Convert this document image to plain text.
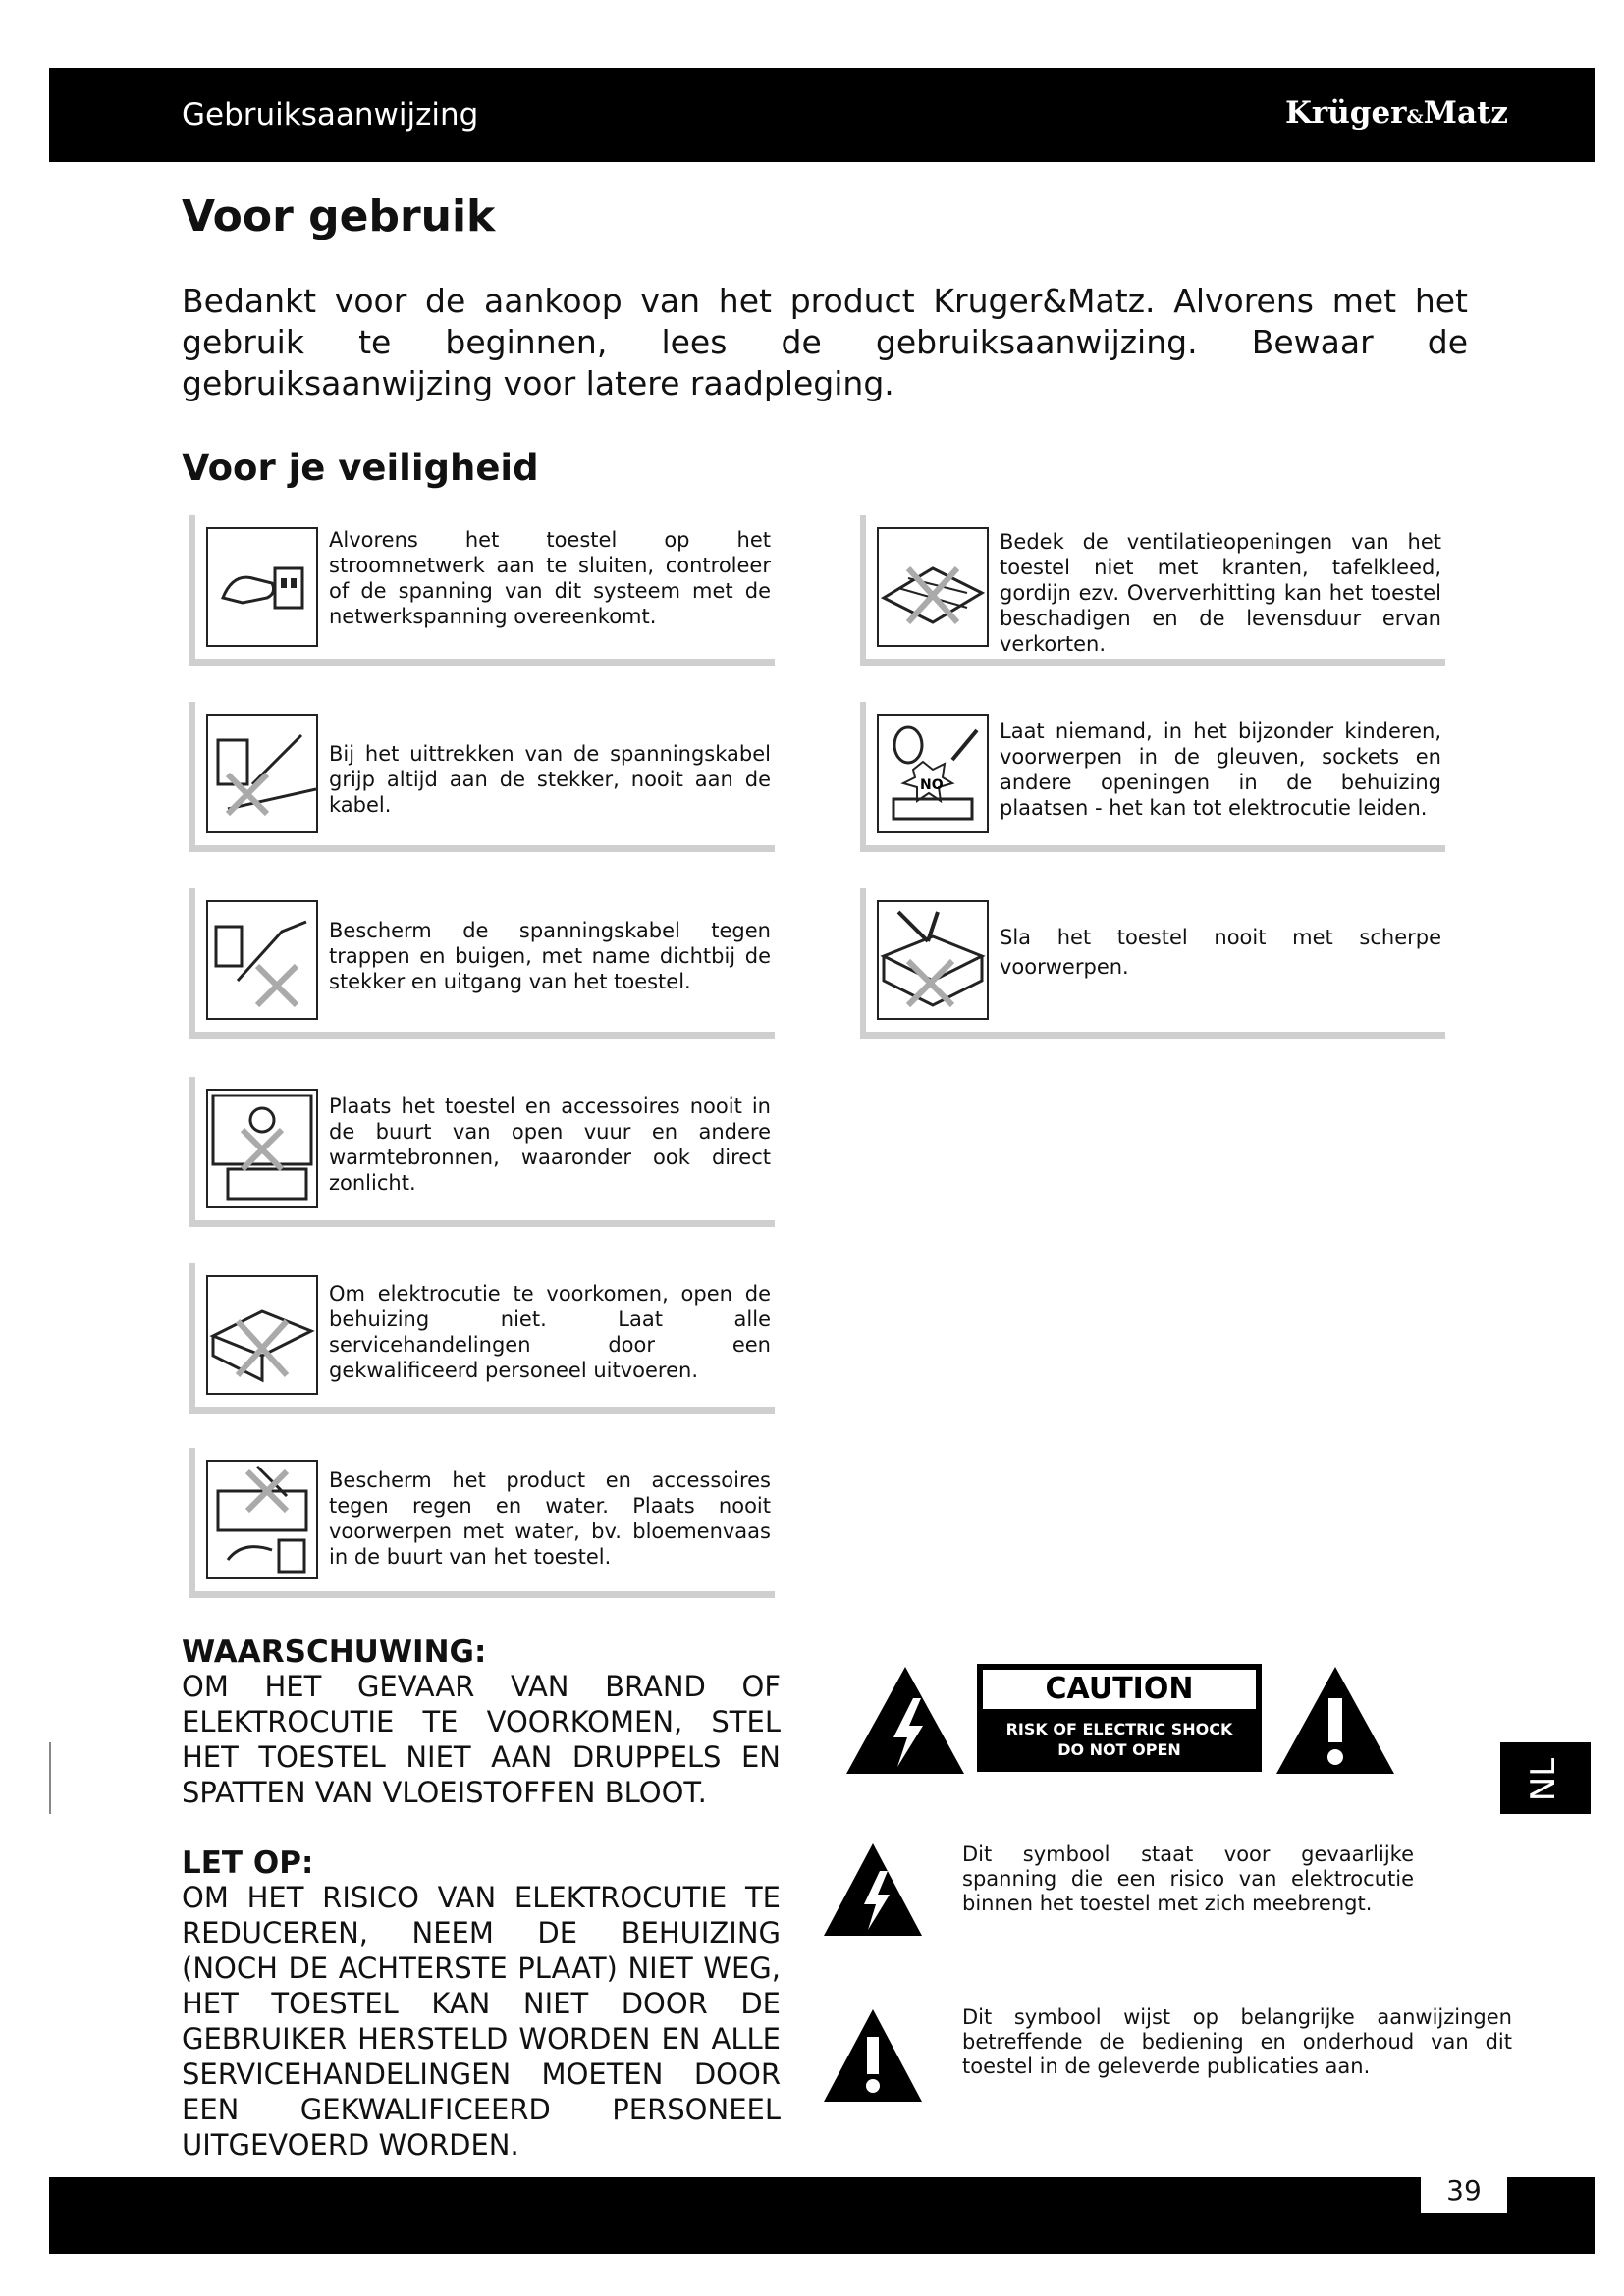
Gebruiksaanwijzing	Krüger&Matz
Voor gebruik
Bedankt voor de aankoop van het product Kruger&Matz. Alvorens met het gebruik te beginnen, lees de gebruiksaanwijzing. Bewaar de gebruiksaanwijzing voor latere raadpleging.
Voor je veiligheid
Alvorens het toestel op het stroomnetwerk aan te sluiten, controleer of de spanning van dit systeem met de netwerkspanning overeenkomt.
Bij het uittrekken van de spanningskabel grijp altijd aan de stekker, nooit aan de kabel.
Bescherm de spanningskabel tegen trappen en buigen, met name dichtbij de stekker en uitgang van het toestel.
Plaats het toestel en accessoires nooit in de buurt van open vuur en andere warmtebronnen, waaronder ook direct zonlicht.
Om elektrocutie te voorkomen, open de behuizing niet. Laat alle servicehandelingen door een gekwalificeerd personeel uitvoeren.
Bescherm het product en accessoires tegen regen en water. Plaats nooit voorwerpen met water, bv. bloemenvaas in de buurt van het toestel.
Bedek de ventilatieopeningen van het toestel niet met kranten, tafelkleed, gordijn ezv. Oververhitting kan het toestel beschadigen en de levensduur ervan verkorten.
NO
Laat niemand, in het bijzonder kinderen, voorwerpen in de gleuven, sockets en andere openingen in de behuizing plaatsen - het kan tot elektrocutie leiden.
Sla het toestel nooit met scherpe voorwerpen.
WAARSCHUWING:
OM HET GEVAAR VAN BRAND OF ELEKTROCUTIE TE VOORKOMEN, STEL HET TOESTEL NIET AAN DRUPPELS EN SPATTEN VAN VLOEISTOFFEN BLOOT.
LET OP:
OM HET RISICO VAN ELEKTROCUTIE TE REDUCEREN, NEEM DE BEHUIZING (NOCH DE ACHTERSTE PLAAT) NIET WEG, HET TOESTEL KAN NIET DOOR DE GEBRUIKER HERSTELD WORDEN EN ALLE SERVICEHANDELINGEN MOETEN DOOR EEN GEKWALIFICEERD PERSONEEL UITGEVOERD WORDEN.
CAUTION
RISK OF ELECTRIC SHOCK
DO NOT OPEN
Dit symbool staat voor gevaarlijke spanning die een risico van elektrocutie binnen het toestel met zich meebrengt.
Dit symbool wijst op belangrijke aanwijzingen betreffende de bediening en onderhoud van dit toestel in de geleverde publicaties aan.
NL
39
